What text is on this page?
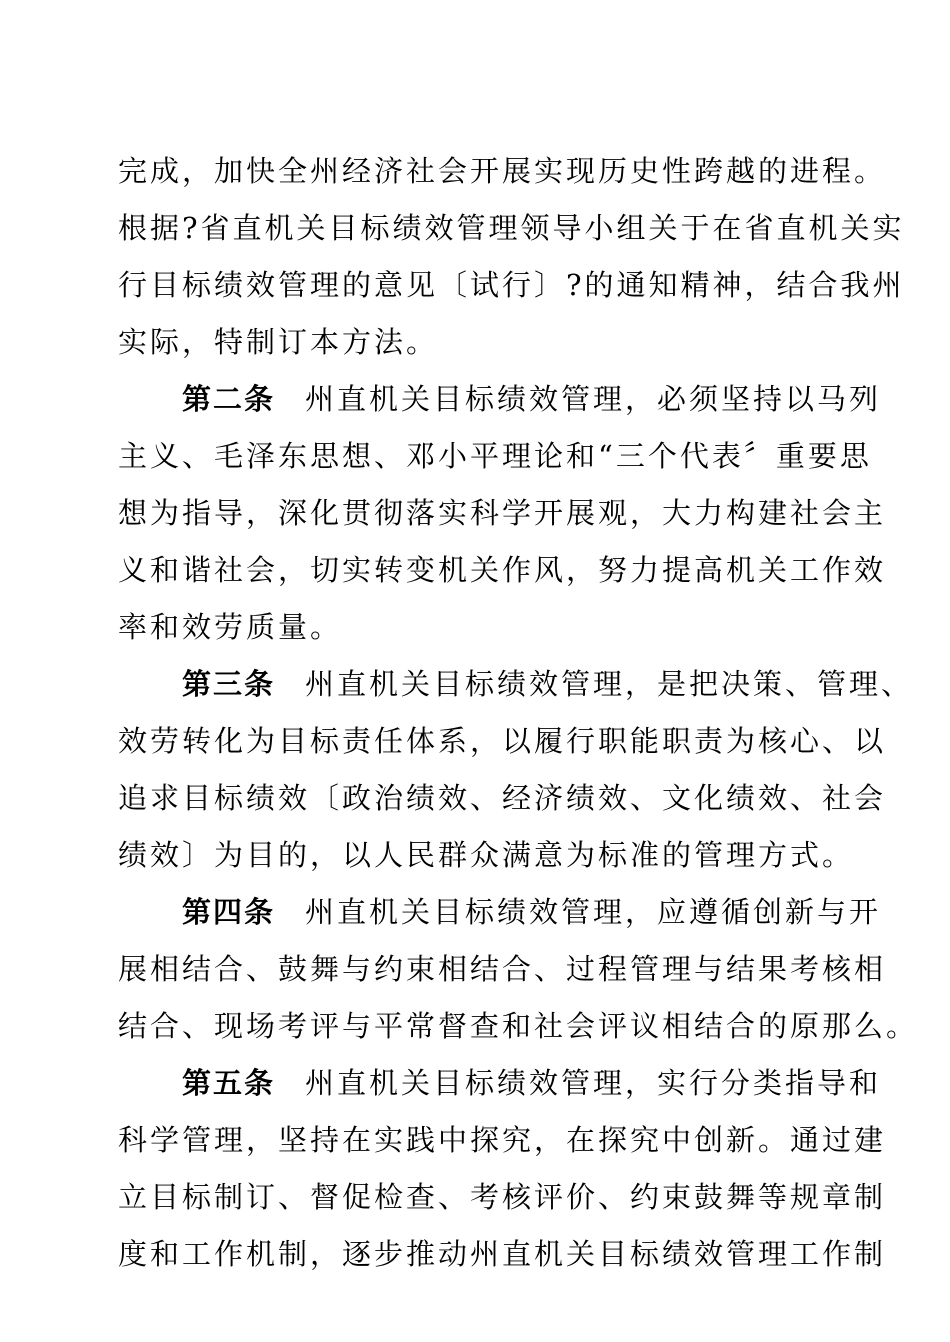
完成，加快全州经济社会开展实现历史性跨越的进程。
根据?省直机关目标绩效管理领导小组关于在省直机关实
行目标绩效管理的意见〔试行〕?的通知精神，结合我州
实际，特制订本方法。
第二条 州直机关目标绩效管理，必须坚持以马列
主义、毛泽东思想、邓小平理论和“三个代表〞重要思
想为指导，深化贯彻落实科学开展观，大力构建社会主
义和谐社会，切实转变机关作风，努力提高机关工作效
率和效劳质量。
第三条 州直机关目标绩效管理，是把决策、管理、
效劳转化为目标责任体系，以履行职能职责为核心、以
追求目标绩效〔政治绩效、经济绩效、文化绩效、社会
绩效〕为目的，以人民群众满意为标准的管理方式。
第四条 州直机关目标绩效管理，应遵循创新与开
展相结合、鼓舞与约束相结合、过程管理与结果考核相
结合、现场考评与平常督查和社会评议相结合的原那么。
第五条 州直机关目标绩效管理，实行分类指导和
科学管理，坚持在实践中探究，在探究中创新。通过建
立目标制订、督促检查、考核评价、约束鼓舞等规章制
度和工作机制，逐步推动州直机关目标绩效管理工作制
